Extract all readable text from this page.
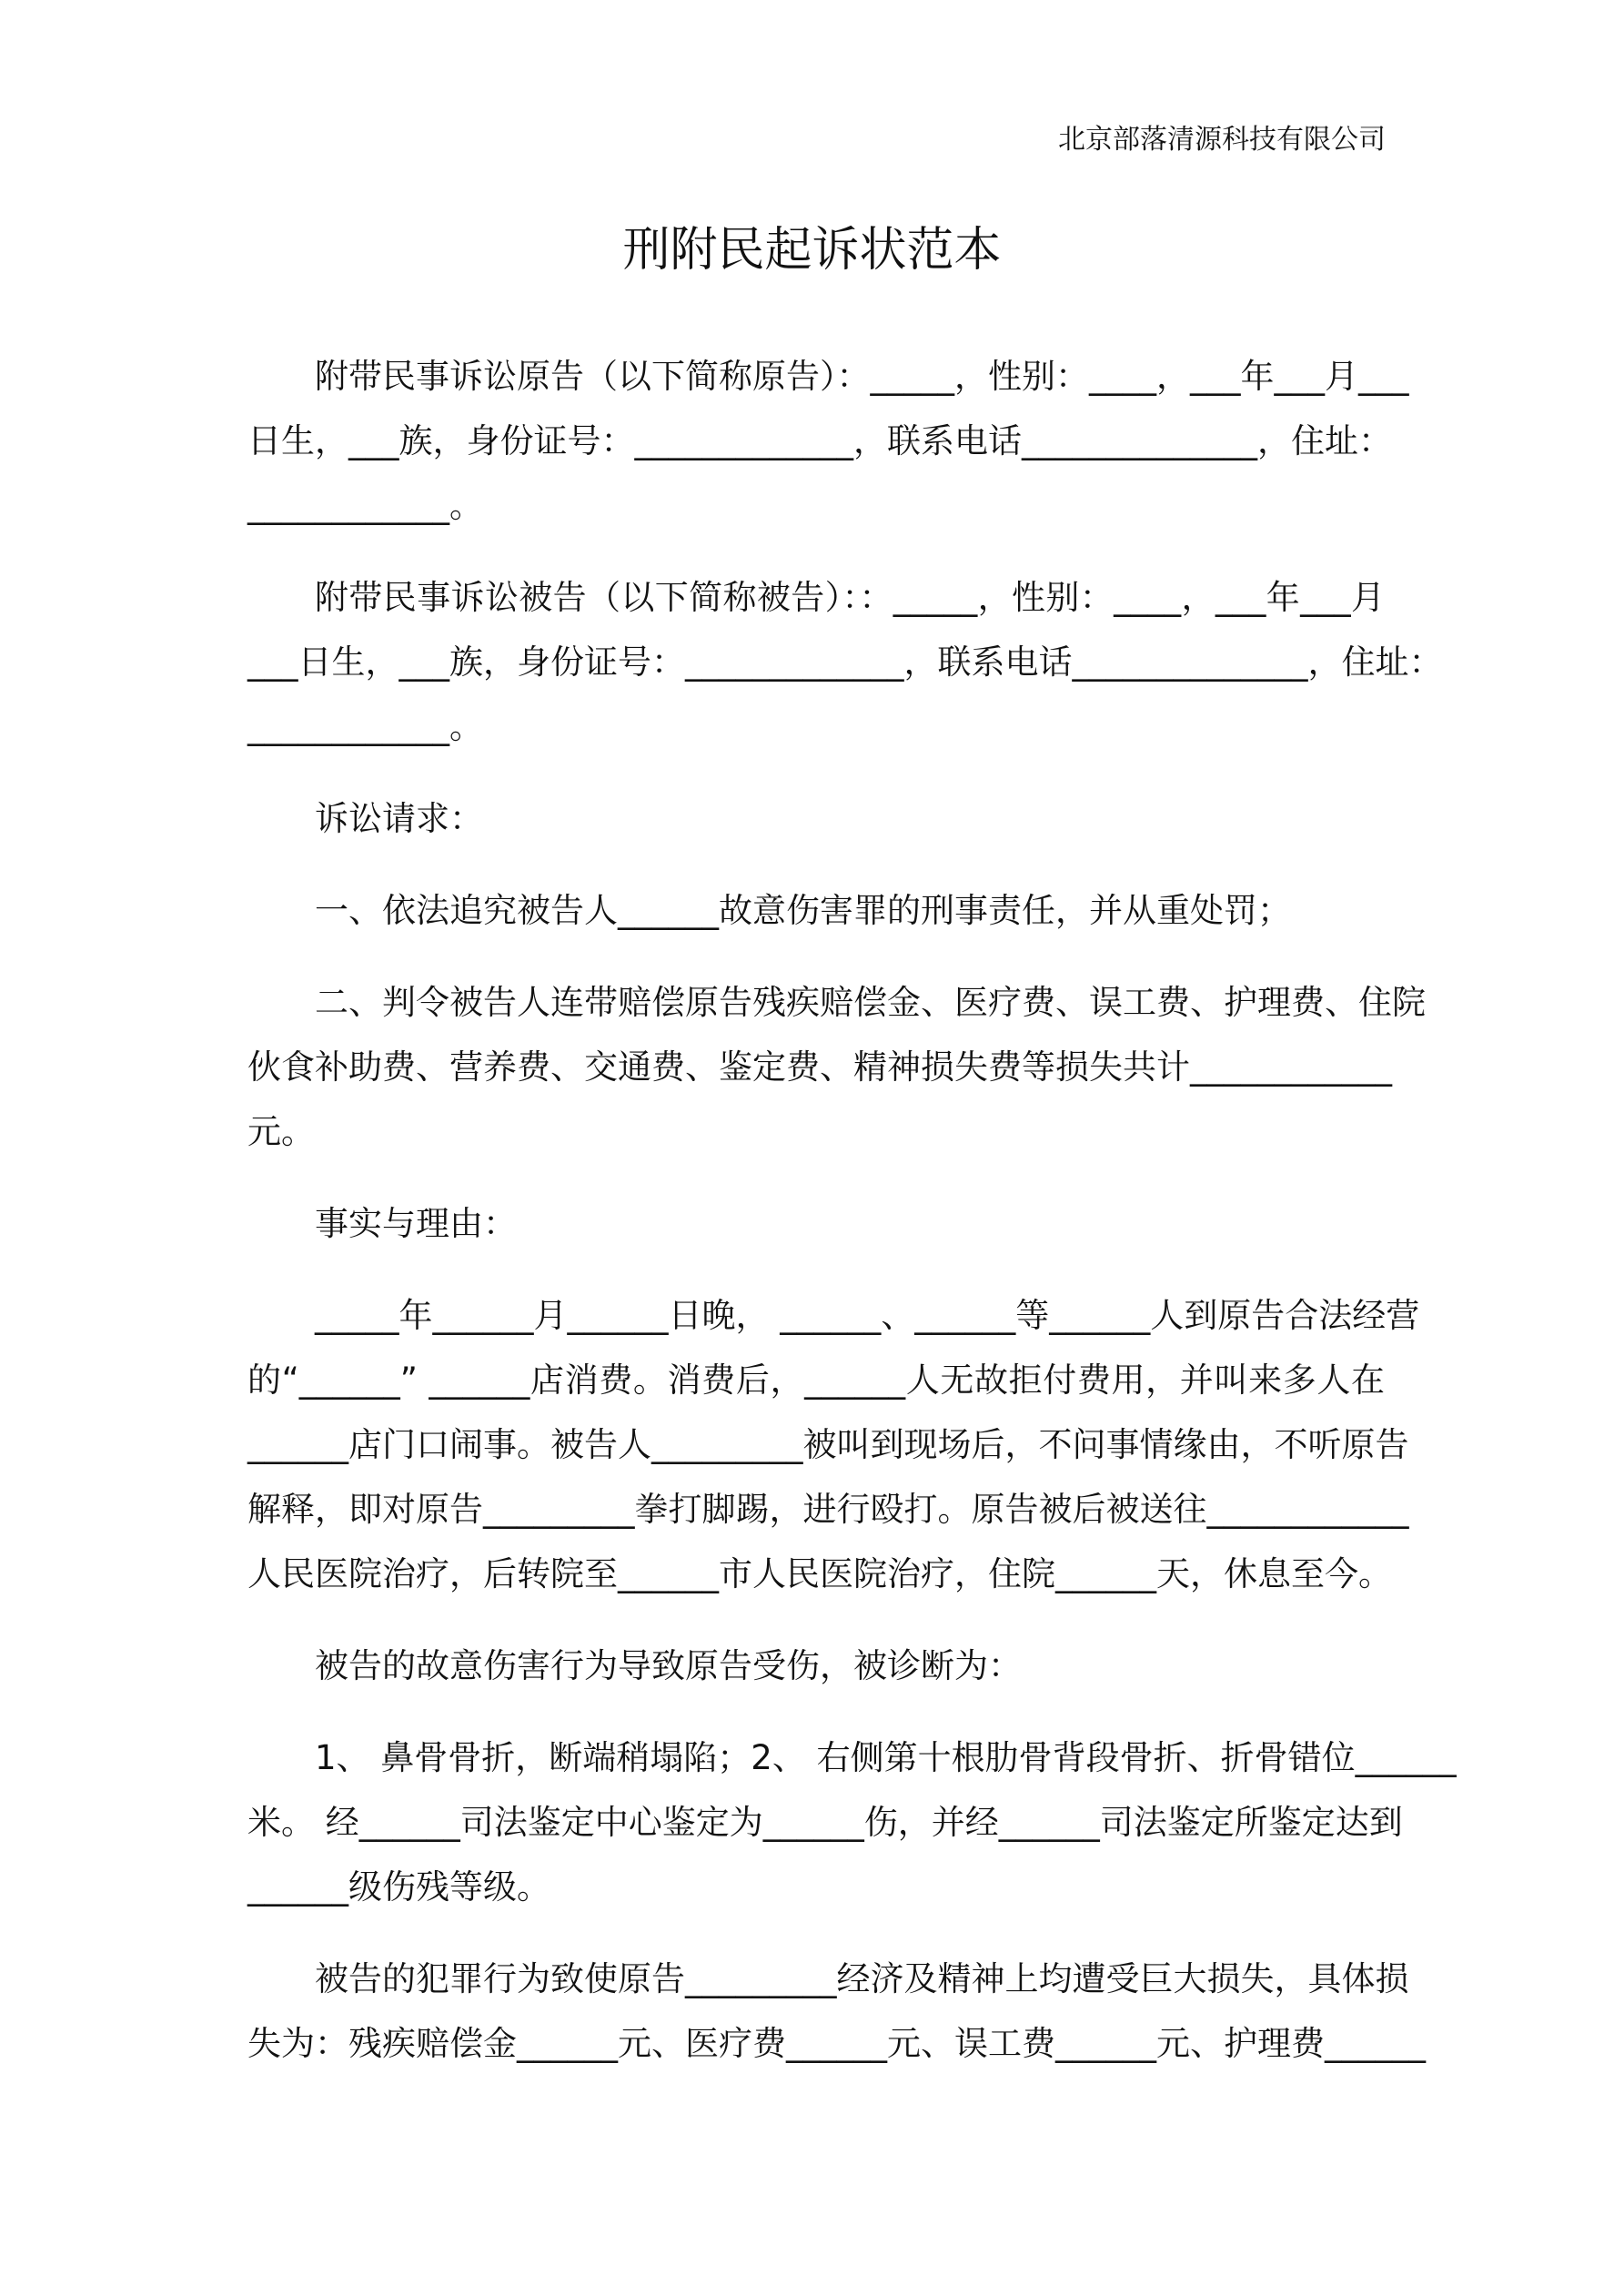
北京部落清源科技有限公司
刑附民起诉状范本
附带民事诉讼原告（以下简称原告）：_____，性别：____，___年___月___
日生，___族，身份证号：_____________，联系电话______________，住址：
____________。
附带民事诉讼被告（以下简称被告）：：_____，性别：____，___年___月
___日生，___族，身份证号：_____________，联系电话______________，住址：
____________。
诉讼请求：
一、依法追究被告人______故意伤害罪的刑事责任，并从重处罚；
二、判令被告人连带赔偿原告残疾赔偿金、医疗费、误工费、护理费、住院
伙食补助费、营养费、交通费、鉴定费、精神损失费等损失共计____________
元。
事实与理由：
_____年______月______日晚， ______、______等______人到原告合法经营
的“______” ______店消费。消费后，______人无故拒付费用，并叫来多人在
______店门口闹事。被告人_________被叫到现场后，不问事情缘由，不听原告
解释，即对原告_________拳打脚踢，进行殴打。原告被后被送往____________
人民医院治疗，后转院至______市人民医院治疗，住院______天，休息至今。
被告的故意伤害行为导致原告受伤，被诊断为：
1、 鼻骨骨折，断端稍塌陷；2、 右侧第十根肋骨背段骨折、折骨错位______
米。 经______司法鉴定中心鉴定为______伤，并经______司法鉴定所鉴定达到
______级伤残等级。
被告的犯罪行为致使原告_________经济及精神上均遭受巨大损失，具体损
失为：残疾赔偿金______元、医疗费______元、误工费______元、护理费______
